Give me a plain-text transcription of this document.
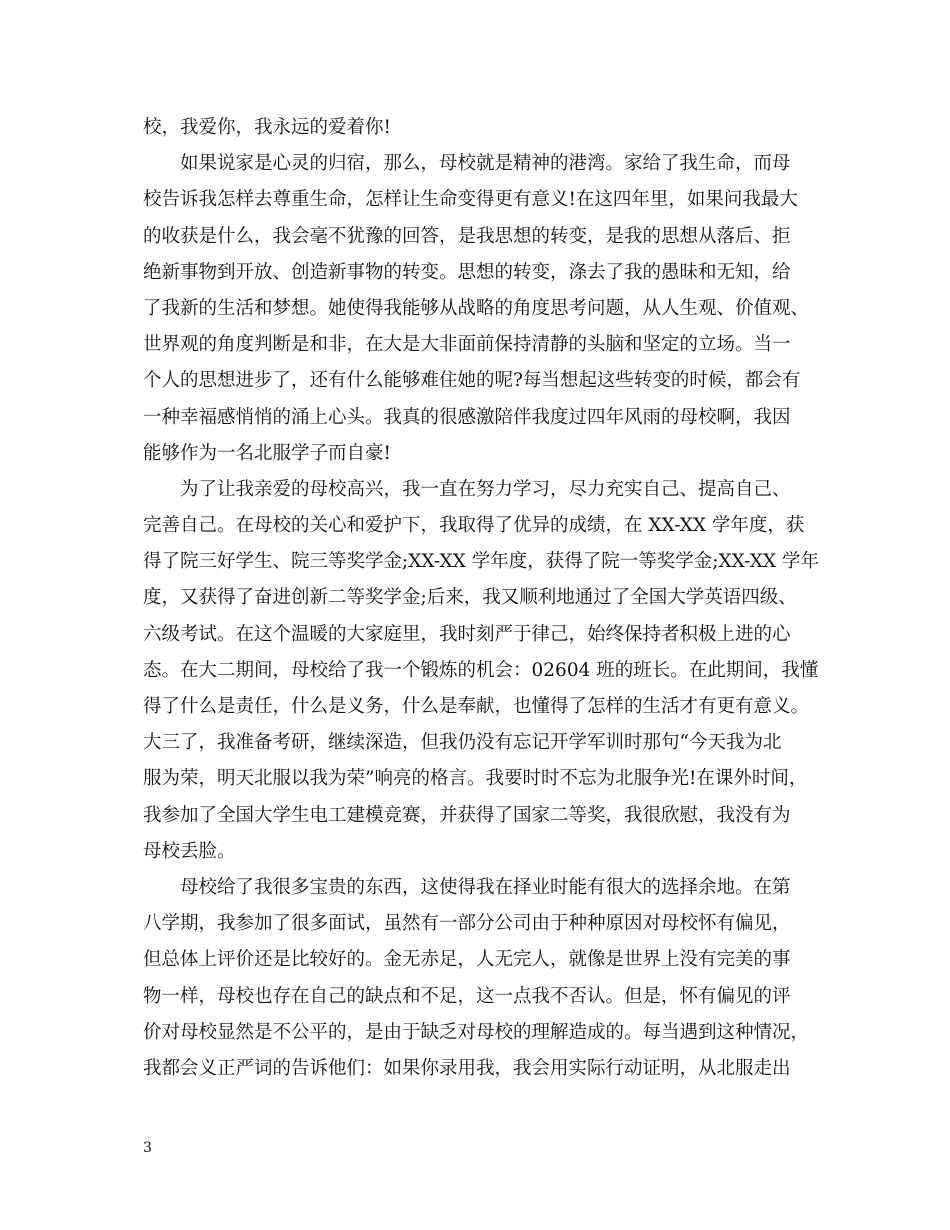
校，我爱你，我永远的爱着你!
如果说家是心灵的归宿，那么，母校就是精神的港湾。家给了我生命，而母
校告诉我怎样去尊重生命，怎样让生命变得更有意义!在这四年里，如果问我最大
的收获是什么，我会毫不犹豫的回答，是我思想的转变，是我的思想从落后、拒
绝新事物到开放、创造新事物的转变。思想的转变，涤去了我的愚昧和无知，给
了我新的生活和梦想。她使得我能够从战略的角度思考问题，从人生观、价值观、
世界观的角度判断是和非，在大是大非面前保持清静的头脑和坚定的立场。当一
个人的思想进步了，还有什么能够难住她的呢?每当想起这些转变的时候，都会有
一种幸福感悄悄的涌上心头。我真的很感激陪伴我度过四年风雨的母校啊，我因
能够作为一名北服学子而自豪!
为了让我亲爱的母校高兴，我一直在努力学习，尽力充实自己、提高自己、
完善自己。在母校的关心和爱护下，我取得了优异的成绩，在 XX-XX 学年度，获
得了院三好学生、院三等奖学金;XX-XX 学年度，获得了院一等奖学金;XX-XX 学年
度，又获得了奋进创新二等奖学金;后来，我又顺利地通过了全国大学英语四级、
六级考试。在这个温暖的大家庭里，我时刻严于律己，始终保持者积极上进的心
态。在大二期间，母校给了我一个锻炼的机会：02604 班的班长。在此期间，我懂
得了什么是责任，什么是义务，什么是奉献，也懂得了怎样的生活才有更有意义。
大三了，我准备考研，继续深造，但我仍没有忘记开学军训时那句“今天我为北
服为荣，明天北服以我为荣”响亮的格言。我要时时不忘为北服争光!在课外时间，
我参加了全国大学生电工建模竞赛，并获得了国家二等奖，我很欣慰，我没有为
母校丢脸。
母校给了我很多宝贵的东西，这使得我在择业时能有很大的选择余地。在第
八学期，我参加了很多面试，虽然有一部分公司由于种种原因对母校怀有偏见，
但总体上评价还是比较好的。金无赤足，人无完人，就像是世界上没有完美的事
物一样，母校也存在自己的缺点和不足，这一点我不否认。但是，怀有偏见的评
价对母校显然是不公平的，是由于缺乏对母校的理解造成的。每当遇到这种情况，
我都会义正严词的告诉他们：如果你录用我，我会用实际行动证明，从北服走出
3
